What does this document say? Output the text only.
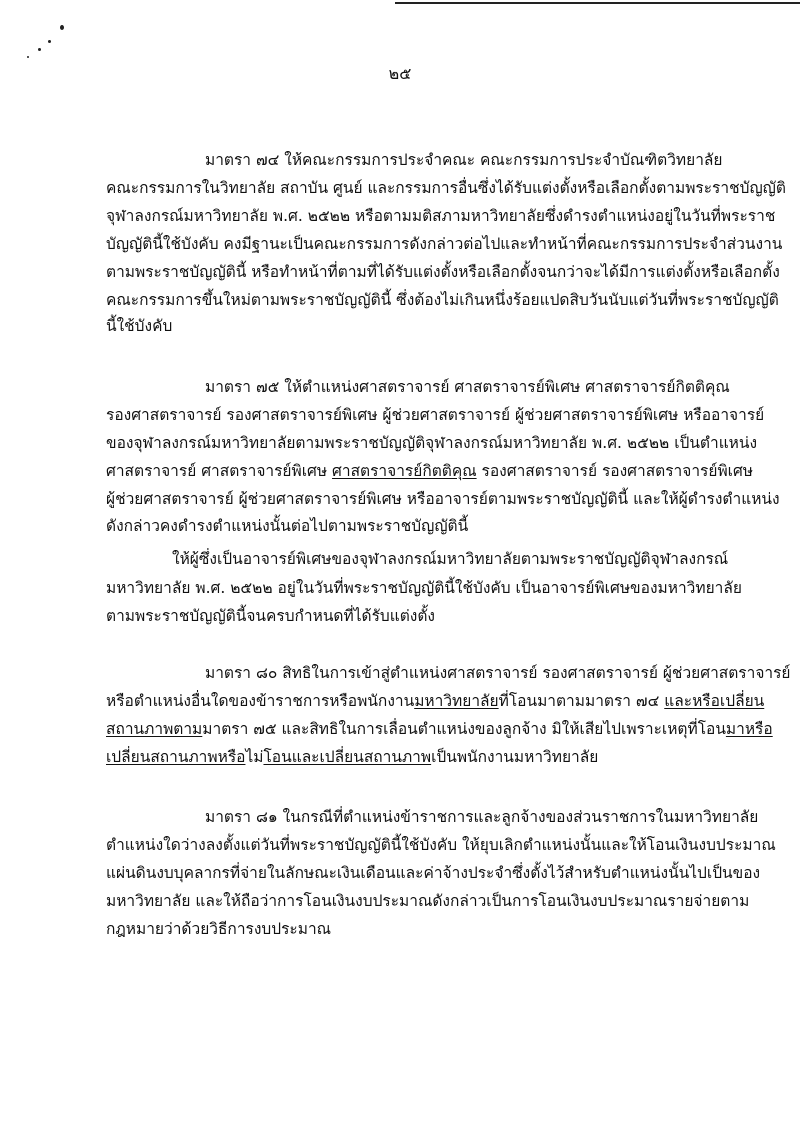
๒๕
มาตรา ๗๔ ให้คณะกรรมการประจำคณะ คณะกรรมการประจำบัณฑิตวิทยาลัย
คณะกรรมการในวิทยาลัย สถาบัน ศูนย์ และกรรมการอื่นซึ่งได้รับแต่งตั้งหรือเลือกตั้งตามพระราชบัญญัติ
จุฬาลงกรณ์มหาวิทยาลัย พ.ศ. ๒๕๒๒ หรือตามมติสภามหาวิทยาลัยซึ่งดำรงตำแหน่งอยู่ในวันที่พระราช
บัญญัตินี้ใช้บังคับ คงมีฐานะเป็นคณะกรรมการดังกล่าวต่อไปและทำหน้าที่คณะกรรมการประจำส่วนงาน
ตามพระราชบัญญัตินี้ หรือทำหน้าที่ตามที่ได้รับแต่งตั้งหรือเลือกตั้งจนกว่าจะได้มีการแต่งตั้งหรือเลือกตั้ง
คณะกรรมการขึ้นใหม่ตามพระราชบัญญัตินี้ ซึ่งต้องไม่เกินหนึ่งร้อยแปดสิบวันนับแต่วันที่พระราชบัญญัติ
นี้ใช้บังคับ
มาตรา ๗๕ ให้ตำแหน่งศาสตราจารย์ ศาสตราจารย์พิเศษ ศาสตราจารย์กิตติคุณ
รองศาสตราจารย์ รองศาสตราจารย์พิเศษ ผู้ช่วยศาสตราจารย์ ผู้ช่วยศาสตราจารย์พิเศษ หรืออาจารย์
ของจุฬาลงกรณ์มหาวิทยาลัยตามพระราชบัญญัติจุฬาลงกรณ์มหาวิทยาลัย พ.ศ. ๒๕๒๒ เป็นตำแหน่ง
ศาสตราจารย์ ศาสตราจารย์พิเศษ ศาสตราจารย์กิตติคุณ รองศาสตราจารย์ รองศาสตราจารย์พิเศษ
ผู้ช่วยศาสตราจารย์ ผู้ช่วยศาสตราจารย์พิเศษ หรืออาจารย์ตามพระราชบัญญัตินี้ และให้ผู้ดำรงตำแหน่ง
ดังกล่าวคงดำรงตำแหน่งนั้นต่อไปตามพระราชบัญญัตินี้
ให้ผู้ซึ่งเป็นอาจารย์พิเศษของจุฬาลงกรณ์มหาวิทยาลัยตามพระราชบัญญัติจุฬาลงกรณ์
มหาวิทยาลัย พ.ศ. ๒๕๒๒ อยู่ในวันที่พระราชบัญญัตินี้ใช้บังคับ เป็นอาจารย์พิเศษของมหาวิทยาลัย
ตามพระราชบัญญัตินี้จนครบกำหนดที่ได้รับแต่งตั้ง
มาตรา ๘๐ สิทธิในการเข้าสู่ตำแหน่งศาสตราจารย์ รองศาสตราจารย์ ผู้ช่วยศาสตราจารย์
หรือตำแหน่งอื่นใดของข้าราชการหรือพนักงานมหาวิทยาลัยที่โอนมาตามมาตรา ๗๔ และหรือเปลี่ยน
สถานภาพตามมาตรา ๗๕ และสิทธิในการเลื่อนตำแหน่งของลูกจ้าง มิให้เสียไปเพราะเหตุที่โอนมาหรือ
เปลี่ยนสถานภาพหรือไม่โอนและเปลี่ยนสถานภาพเป็นพนักงานมหาวิทยาลัย
มาตรา ๘๑ ในกรณีที่ตำแหน่งข้าราชการและลูกจ้างของส่วนราชการในมหาวิทยาลัย
ตำแหน่งใดว่างลงตั้งแต่วันที่พระราชบัญญัตินี้ใช้บังคับ ให้ยุบเลิกตำแหน่งนั้นและให้โอนเงินงบประมาณ
แผ่นดินงบบุคลากรที่จ่ายในลักษณะเงินเดือนและค่าจ้างประจำซึ่งตั้งไว้สำหรับตำแหน่งนั้นไปเป็นของ
มหาวิทยาลัย และให้ถือว่าการโอนเงินงบประมาณดังกล่าวเป็นการโอนเงินงบประมาณรายจ่ายตาม
กฎหมายว่าด้วยวิธีการงบประมาณ
